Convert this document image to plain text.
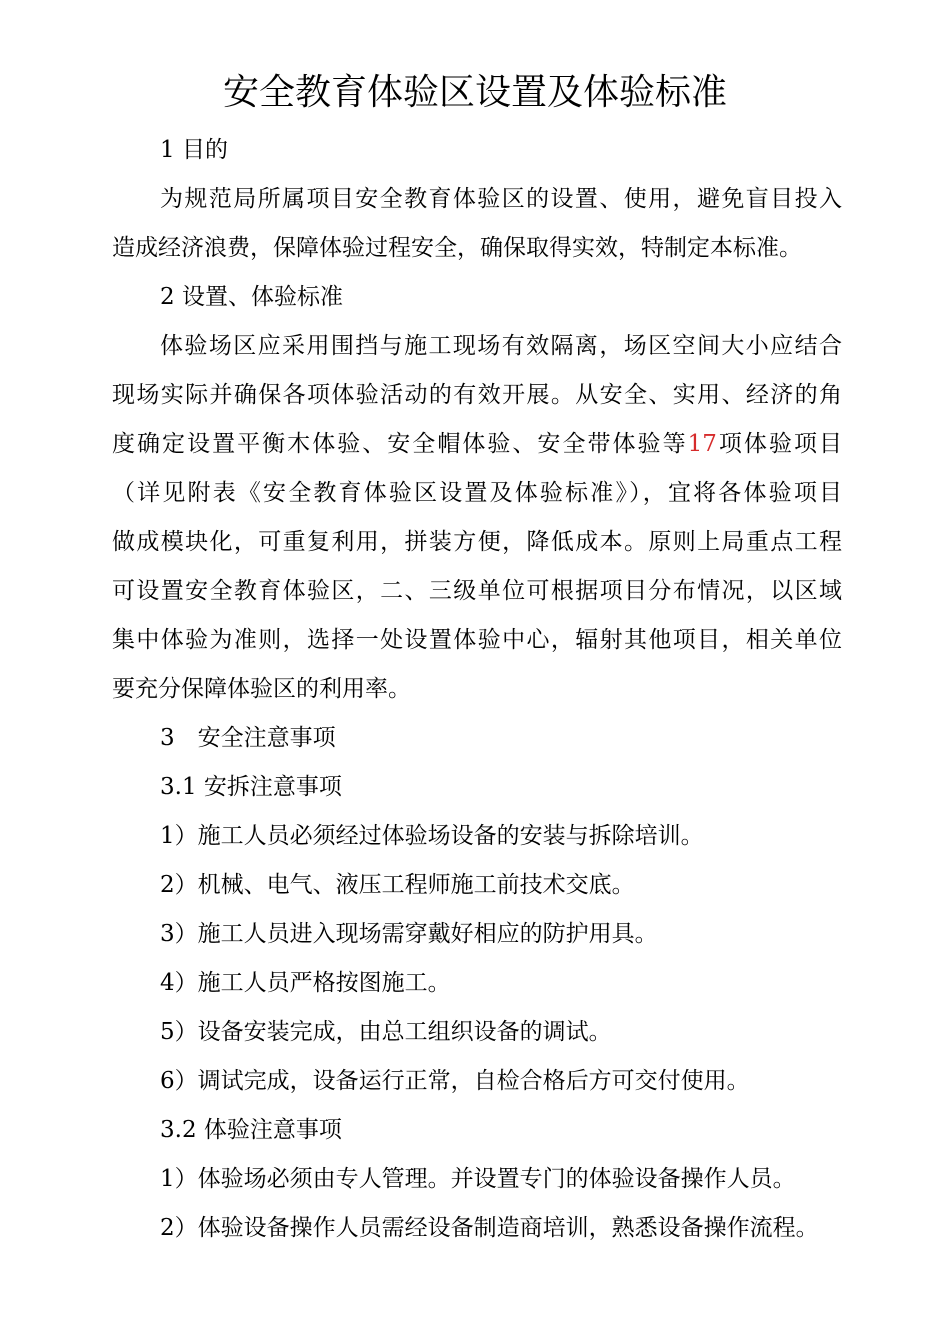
安全教育体验区设置及体验标准
1 目的
为规范局所属项目安全教育体验区的设置、使用，避免盲目投入
造成经济浪费，保障体验过程安全，确保取得实效，特制定本标准。
2 设置、体验标准
体验场区应采用围挡与施工现场有效隔离，场区空间大小应结合
现场实际并确保各项体验活动的有效开展。从安全、实用、经济的角
度确定设置平衡木体验、安全帽体验、安全带体验等17项体验项目
（详见附表《安全教育体验区设置及体验标准》），宜将各体验项目
做成模块化，可重复利用，拼装方便，降低成本。原则上局重点工程
可设置安全教育体验区，二、三级单位可根据项目分布情况，以区域
集中体验为准则，选择一处设置体验中心，辐射其他项目，相关单位
要充分保障体验区的利用率。
3　安全注意事项
3.1 安拆注意事项
1）施工人员必须经过体验场设备的安装与拆除培训。
2）机械、电气、液压工程师施工前技术交底。
3）施工人员进入现场需穿戴好相应的防护用具。
4）施工人员严格按图施工。
5）设备安装完成，由总工组织设备的调试。
6）调试完成，设备运行正常，自检合格后方可交付使用。
3.2 体验注意事项
1）体验场必须由专人管理。并设置专门的体验设备操作人员。
2）体验设备操作人员需经设备制造商培训，熟悉设备操作流程。
